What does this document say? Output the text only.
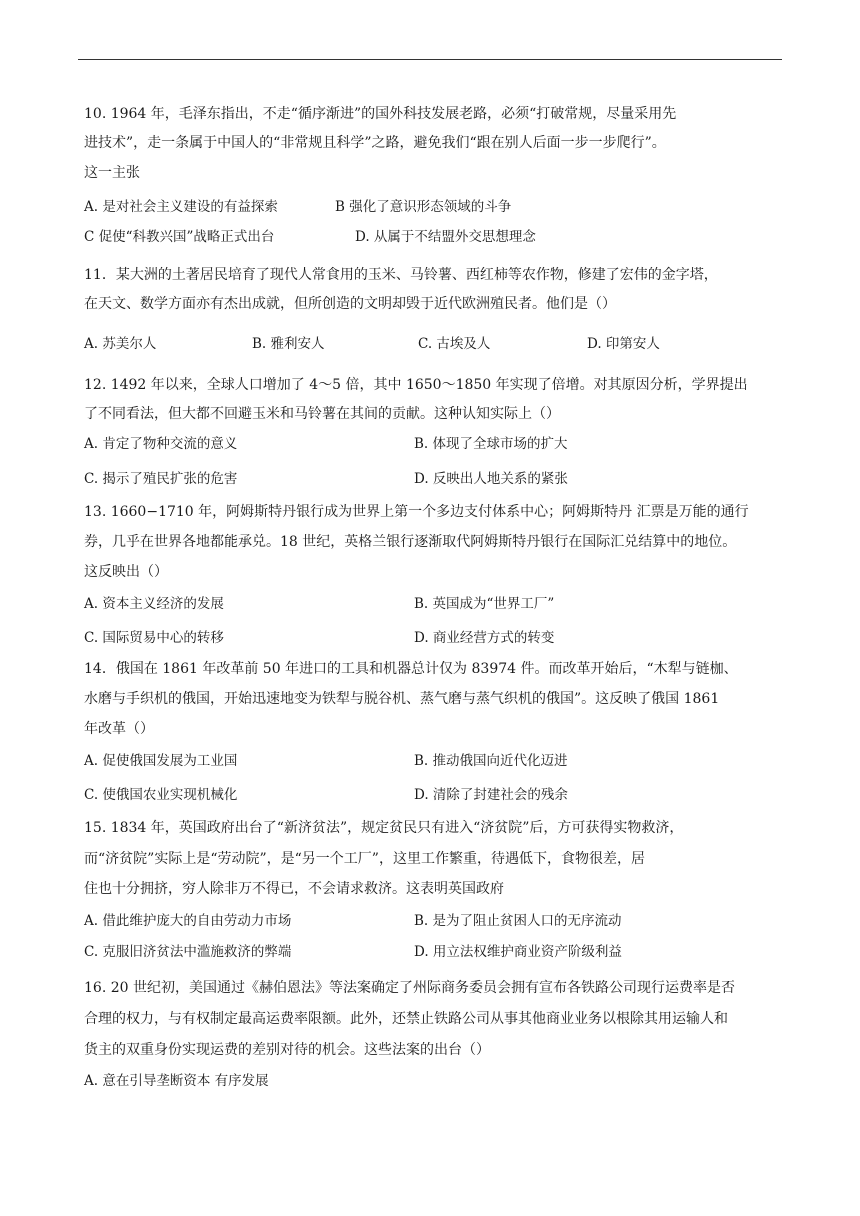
10. 1964 年，毛泽东指出，不走“循序渐进”的国外科技发展老路，必须“打破常规，尽量采用先
进技术”，走一条属于中国人的“非常规且科学”之路，避免我们“跟在别人后面一步一步爬行”。
这一主张
A. 是对社会主义建设的有益探索	B 强化了意识形态领域的斗争
C 促使“科教兴国”战略正式出台	D. 从属于不结盟外交思想理念
11．某大洲的土著居民培育了现代人常食用的玉米、马铃薯、西红柿等农作物，修建了宏伟的金字塔，
在天文、数学方面亦有杰出成就，但所创造的文明却毁于近代欧洲殖民者。他们是（）
A. 苏美尔人	B. 雅利安人	C. 古埃及人	D. 印第安人
12. 1492 年以来，全球人口增加了 4～5 倍，其中 1650～1850 年实现了倍增。对其原因分析，学界提出
了不同看法，但大都不回避玉米和马铃薯在其间的贡献。这种认知实际上（）
A. 肯定了物种交流的意义	B. 体现了全球市场的扩大
C. 揭示了殖民扩张的危害	D. 反映出人地关系的紧张
13. 1660−1710 年，阿姆斯特丹银行成为世界上第一个多边支付体系中心；阿姆斯特丹 汇票是万能的通行
券，几乎在世界各地都能承兑。18 世纪，英格兰银行逐渐取代阿姆斯特丹银行在国际汇兑结算中的地位。
这反映出（）
A. 资本主义经济的发展	B. 英国成为“世界工厂”
C. 国际贸易中心的转移	D. 商业经营方式的转变
14．俄国在 1861 年改革前 50 年进口的工具和机器总计仅为 83974 件。而改革开始后，“木犁与链枷、
水磨与手织机的俄国，开始迅速地变为铁犁与脱谷机、蒸气磨与蒸气织机的俄国”。这反映了俄国 1861
年改革（）
A. 促使俄国发展为工业国	B. 推动俄国向近代化迈进
C. 使俄国农业实现机械化	D. 清除了封建社会的残余
15. 1834 年，英国政府出台了“新济贫法”，规定贫民只有进入“济贫院”后，方可获得实物救济，
而“济贫院”实际上是“劳动院”，是“另一个工厂”，这里工作繁重，待遇低下，食物很差，居
住也十分拥挤，穷人除非万不得已，不会请求救济。这表明英国政府
A. 借此维护庞大的自由劳动力市场	B. 是为了阻止贫困人口的无序流动
C. 克服旧济贫法中滥施救济的弊端	D. 用立法权维护商业资产阶级利益
16. 20 世纪初，美国通过《赫伯恩法》等法案确定了州际商务委员会拥有宣布各铁路公司现行运费率是否
合理的权力，与有权制定最高运费率限额。此外，还禁止铁路公司从事其他商业业务以根除其用运输人和
货主的双重身份实现运费的差别对待的机会。这些法案的出台（）
A. 意在引导垄断资本 有序发展
